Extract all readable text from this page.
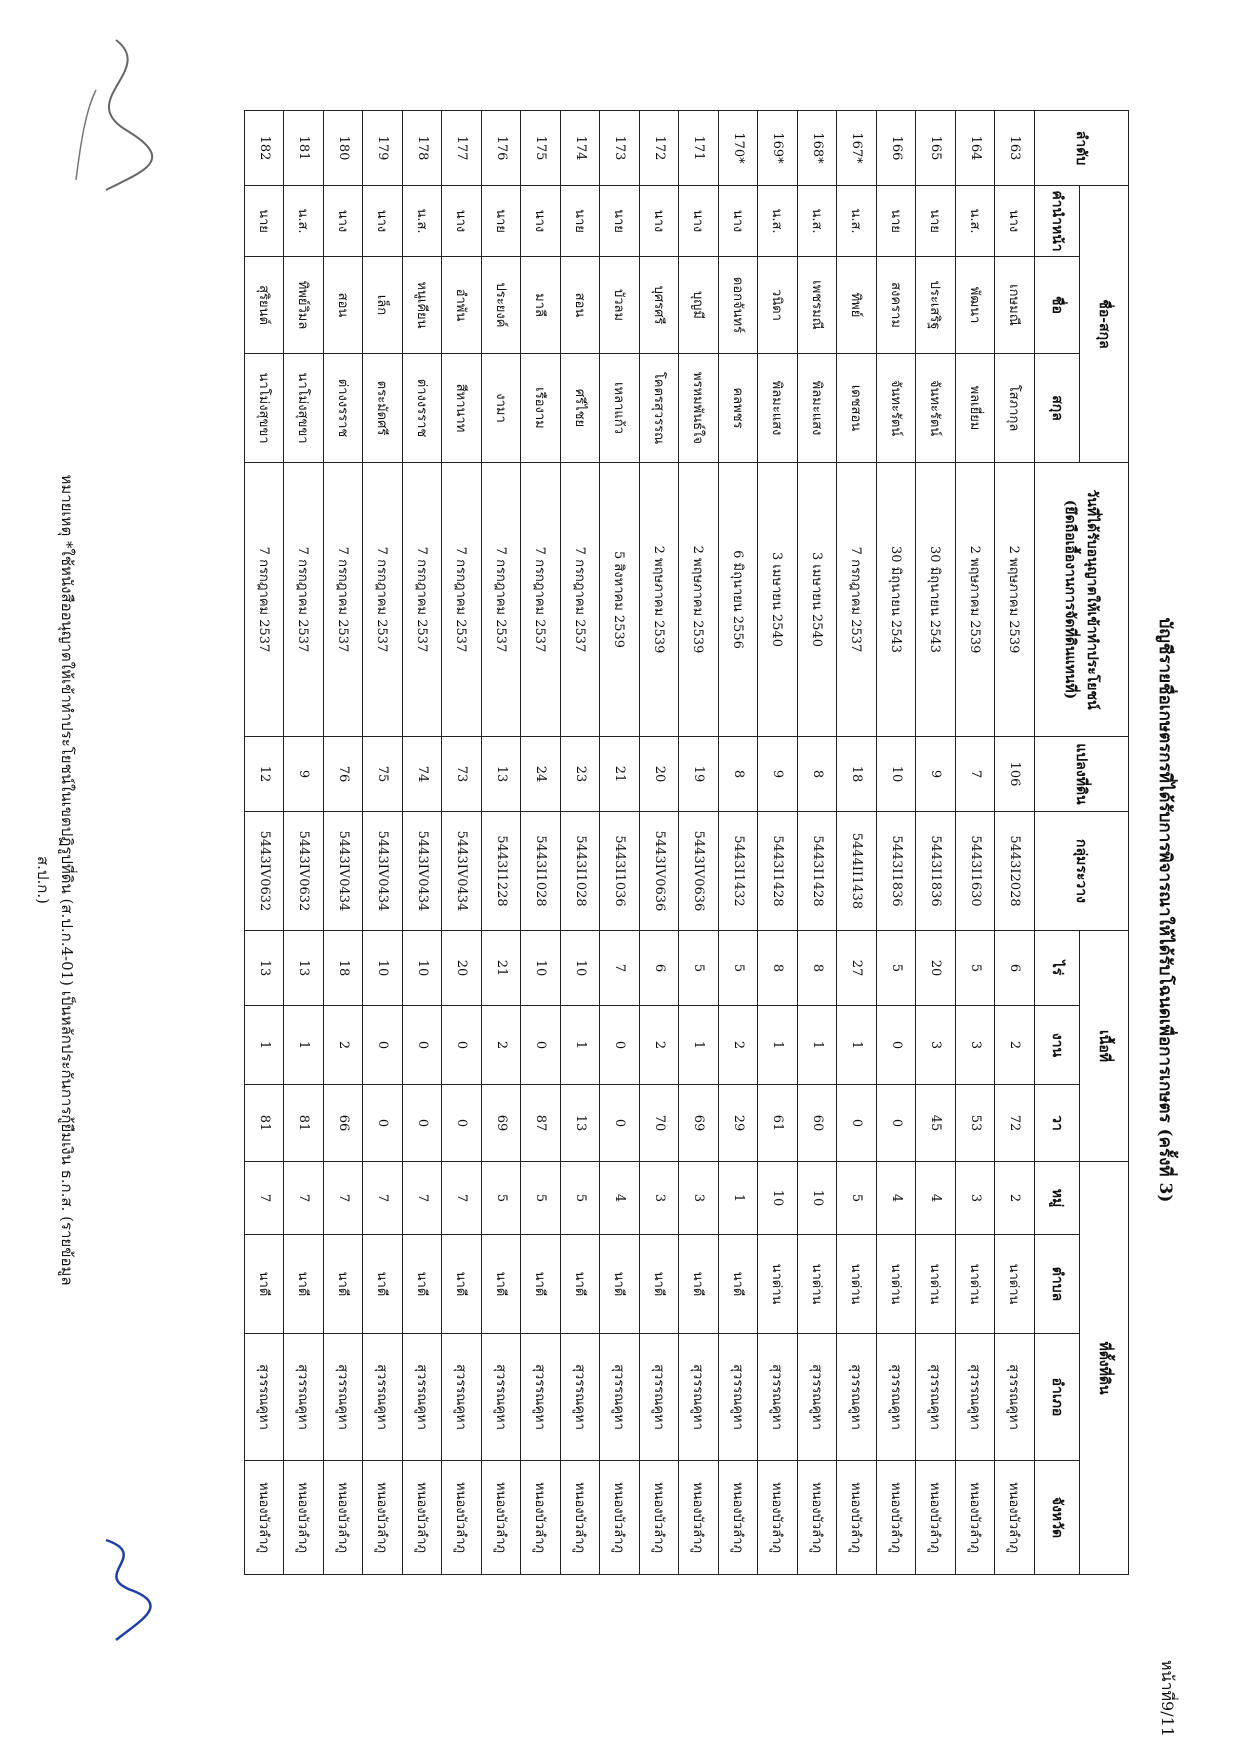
บัญชีรายชื่อเกษตรกรที่ได้รับการพิจารณาให้ได้รับโฉนดเพื่อการเกษตร (ครั้งที่ 3)
หน้าที่9/11
ลำดับ	ชื่อ-สกุล			วันที่ได้รับอนุญาตให้เข้าทำประโยชน์ (ยึดถือเอื้องานการจัดที่ดินแทนที่)	แปลงที่ดิน	กลุ่มระวาง	เนื้อที่			ที่ตั้งที่ดิน			
	คำนำหน้า	ชื่อ	สกุล				ไร่	งาน	วา	หมู่	ตำบล	อำเภอ	จังหวัด
163	นาง	เกษมณี	โสภากุล	2 พฤษภาคม 2539	106	5443I2028	6	2	72	2	นาด่าน	สุวรรณคูหา	หนองบัวลำภู
164	น.ส.	พัฒนา	พลเยี่ยม	2 พฤษภาคม 2539	7	5443I1630	5	3	53	3	นาด่าน	สุวรรณคูหา	หนองบัวลำภู
165	นาย	ประเสริฐ	จันทะรัตน์	30 มิถุนายน 2543	9	5443I1836	20	3	45	4	นาด่าน	สุวรรณคูหา	หนองบัวลำภู
166	นาย	สงคราม	จันทะรัตน์	30 มิถุนายน 2543	10	5443I1836	5	0	0	4	นาด่าน	สุวรรณคูหา	หนองบัวลำภู
167*	น.ส.	ทิพย์	เดชสอน	7 กรกฎาคม 2537	18	5444II1438	27	1	0	5	นาด่าน	สุวรรณคูหา	หนองบัวลำภู
168*	น.ส.	เพชรมณี	พิลมะแสง	3 เมษายน 2540	8	5443I1428	8	1	60	10	นาด่าน	สุวรรณคูหา	หนองบัวลำภู
169*	น.ส.	วนิดา	พิลมะแสง	3 เมษายน 2540	9	5443I1428	8	1	61	10	นาด่าน	สุวรรณคูหา	หนองบัวลำภู
170*	นาง	ดอกจันทร์	คลพชร	6 มิถุนายน 2556	8	5443I1432	5	2	29	1	นาดี	สุวรรณคูหา	หนองบัวลำภู
171	นาง	บุญมี	พรหมพันธ์ใจ	2 พฤษภาคม 2539	19	5443IV0636	5	1	69	3	นาดี	สุวรรณคูหา	หนองบัวลำภู
172	นาง	บุศรศรี	โคตรสุวรรณ	2 พฤษภาคม 2539	20	5443IV0636	6	2	70	3	นาดี	สุวรรณคูหา	หนองบัวลำภู
173	นาย	บัวลม	เหลาแก้ว	5 สิงหาคม 2539	21	5443I1036	7	0	0	4	นาดี	สุวรรณคูหา	หนองบัวลำภู
174	นาย	สอน	ศรีไชย	7 กรกฎาคม 2537	23	5443I1028	10	1	13	5	นาดี	สุวรรณคูหา	หนองบัวลำภู
175	นาง	มาลี	เรืองาม	7 กรกฎาคม 2537	24	5443I1028	10	0	87	5	นาดี	สุวรรณคูหา	หนองบัวลำภู
176	นาย	ประยงค์	งามา	7 กรกฎาคม 2537	13	5443I1228	21	2	69	5	นาดี	สุวรรณคูหา	หนองบัวลำภู
177	นาง	อำพัน	สีหานาท	7 กรกฎาคม 2537	73	5443IV0434	20	0	0	7	นาดี	สุวรรณคูหา	หนองบัวลำภู
178	น.ส.	หนูเคียน	ต่างงรราช	7 กรกฎาคม 2537	74	5443IV0434	10	0	0	7	นาดี	สุวรรณคูหา	หนองบัวลำภู
179	นาง	เล็ก	ตระมัดศรี	7 กรกฎาคม 2537	75	5443IV0434	10	0	0	7	นาดี	สุวรรณคูหา	หนองบัวลำภู
180	นาง	สอน	ต่างงรราช	7 กรกฎาคม 2537	76	5443IV0434	18	2	66	7	นาดี	สุวรรณคูหา	หนองบัวลำภู
181	น.ส.	ทิพย์วิมล	นาโม่งสุขขา	7 กรกฎาคม 2537	9	5443IV0632	13	1	81	7	นาดี	สุวรรณคูหา	หนองบัวลำภู
182	นาย	สุริยนต์	นาโม่งสุขขา	7 กรกฎาคม 2537	12	5443IV0632	13	1	81	7	นาดี	สุวรรณคูหา	หนองบัวลำภู
หมายเหตุ *ใช้หนังสืออนุญาตให้เข้าทำประโยชน์ในเขตปฏิรูปที่ดิน (ส.ป.ก.4-01) เป็นหลักประกันการกู้ยืมเงิน ธ.ก.ส. (รายข้อมูล ส.ป.ก.)
